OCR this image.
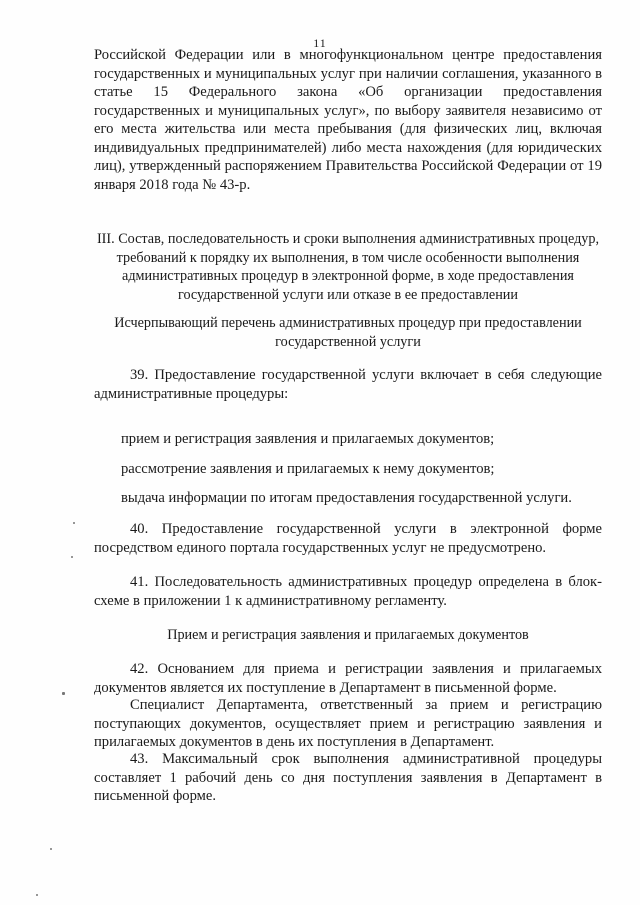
11
Российской Федерации или в многофункциональном центре предоставления государственных и муниципальных услуг при наличии соглашения, указанного в статье 15 Федерального закона «Об организации предоставления государственных и муниципальных услуг», по выбору заявителя независимо от его места жительства или места пребывания (для физических лиц, включая индивидуальных предпринимателей) либо места нахождения (для юридических лиц), утвержденный распоряжением Правительства Российской Федерации от 19 января 2018 года № 43-р.
III. Состав, последовательность и сроки выполнения административных процедур, требований к порядку их выполнения, в том числе особенности выполнения административных процедур в электронной форме, в ходе предоставления государственной услуги или отказе в ее предоставлении
Исчерпывающий перечень административных процедур при предоставлении государственной услуги
39. Предоставление государственной услуги включает в себя следующие административные процедуры:
прием и регистрация заявления и прилагаемых документов;
рассмотрение заявления и прилагаемых к нему документов;
выдача информации по итогам предоставления государственной услуги.
40. Предоставление государственной услуги в электронной форме посредством единого портала государственных услуг не предусмотрено.
41. Последовательность административных процедур определена в блок-схеме в приложении 1 к административному регламенту.
Прием и регистрация заявления и прилагаемых документов
42. Основанием для приема и регистрации заявления и прилагаемых документов является их поступление в Департамент в письменной форме.
Специалист Департамента, ответственный за прием и регистрацию поступающих документов, осуществляет прием и регистрацию заявления и прилагаемых документов в день их поступления в Департамент.
43. Максимальный срок выполнения административной процедуры составляет 1 рабочий день со дня поступления заявления в Департамент в письменной форме.
